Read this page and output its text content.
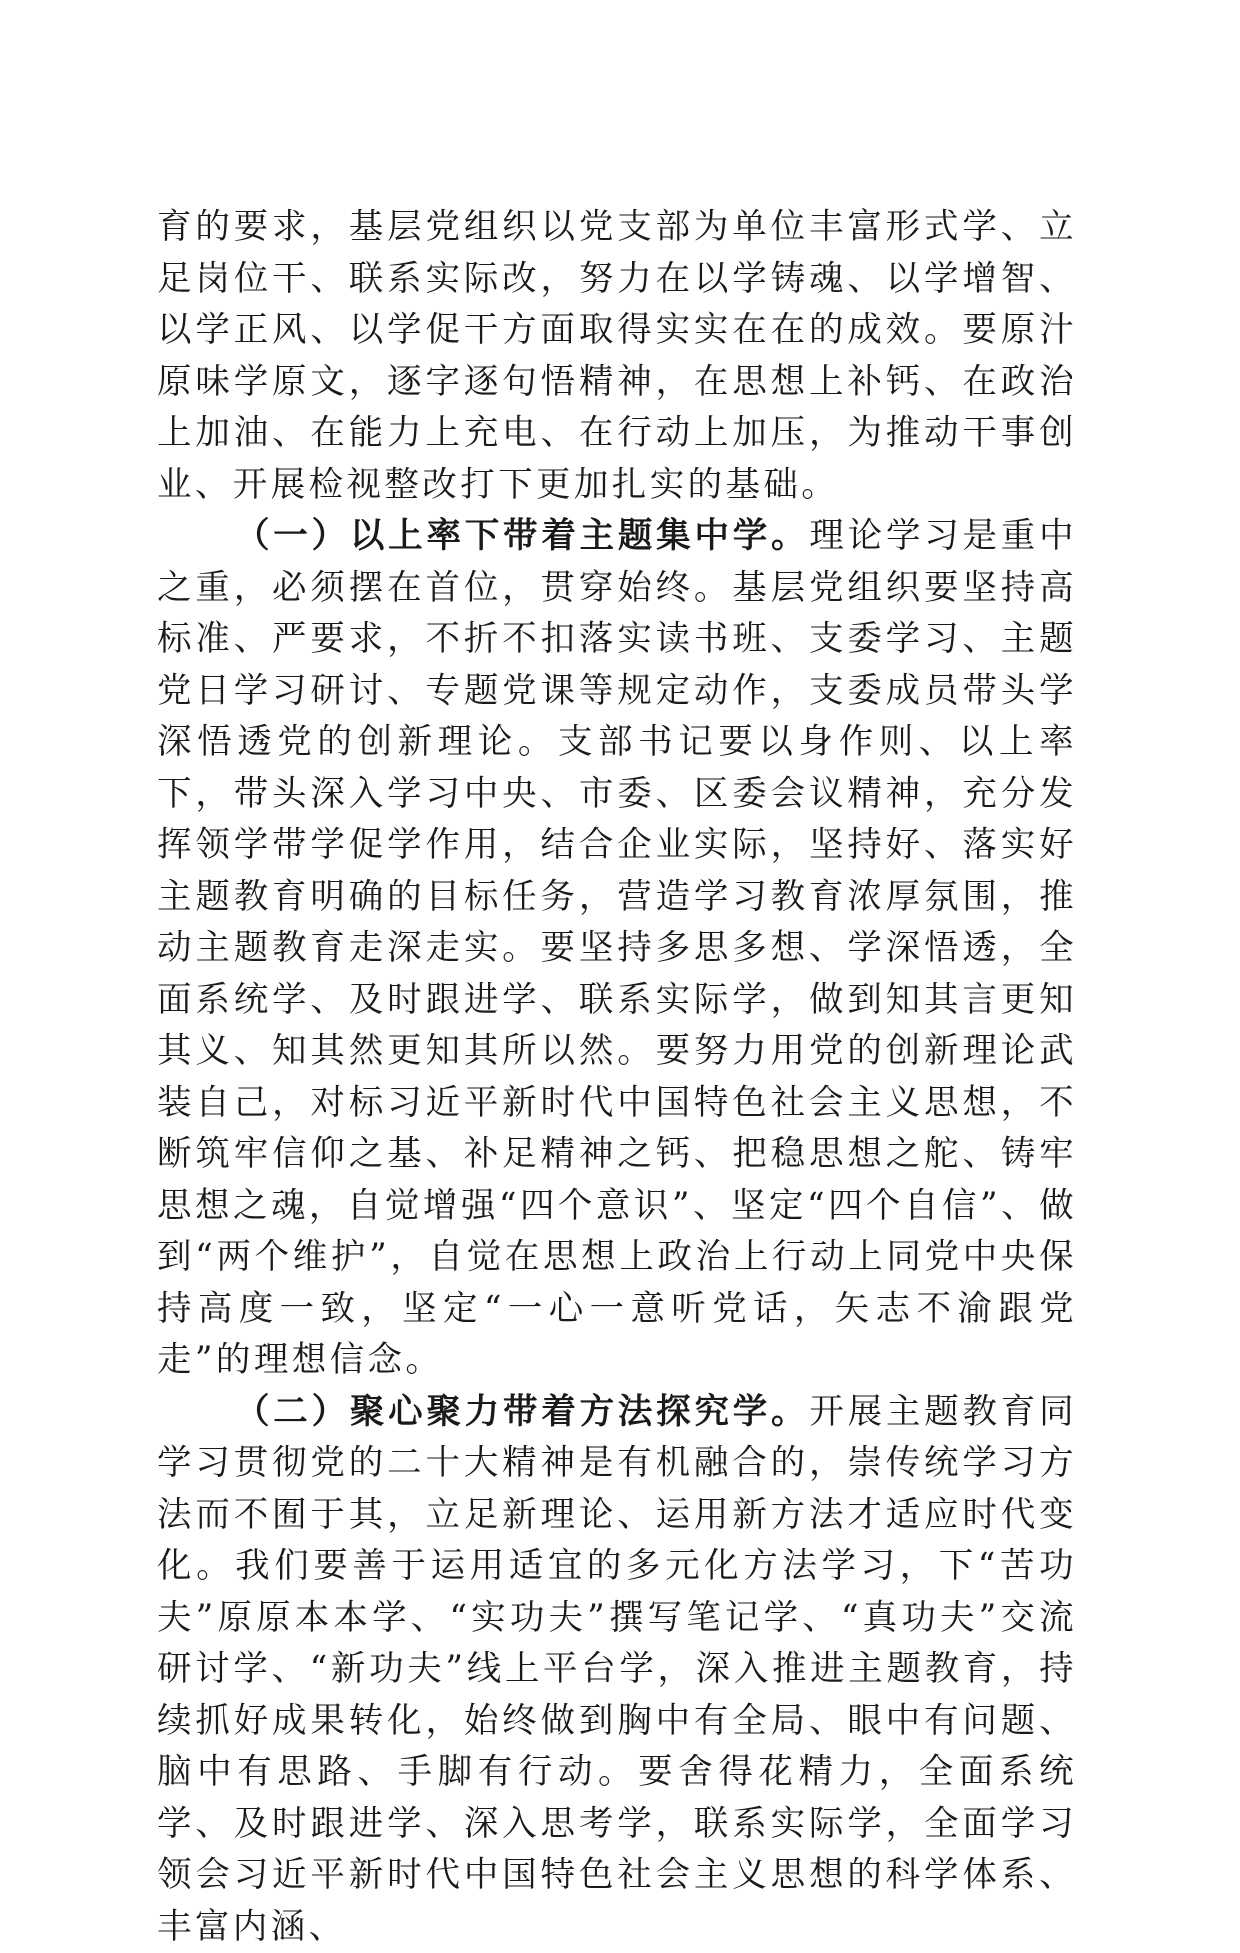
育的要求，基层党组织以党支部为单位丰富形式学、立足岗位干、联系实际改，努力在以学铸魂、以学增智、以学正风、以学促干方面取得实实在在的成效。要原汁原味学原文，逐字逐句悟精神，在思想上补钙、在政治上加油、在能力上充电、在行动上加压，为推动干事创业、开展检视整改打下更加扎实的基础。

（一）以上率下带着主题集中学。理论学习是重中之重，必须摆在首位，贯穿始终。基层党组织要坚持高标准、严要求，不折不扣落实读书班、支委学习、主题党日学习研讨、专题党课等规定动作，支委成员带头学深悟透党的创新理论。支部书记要以身作则、以上率下，带头深入学习中央、市委、区委会议精神，充分发挥领学带学促学作用，结合企业实际，坚持好、落实好主题教育明确的目标任务，营造学习教育浓厚氛围，推动主题教育走深走实。要坚持多思多想、学深悟透，全面系统学、及时跟进学、联系实际学，做到知其言更知其义、知其然更知其所以然。要努力用党的创新理论武装自己，对标习近平新时代中国特色社会主义思想，不断筑牢信仰之基、补足精神之钙、把稳思想之舵、铸牢思想之魂，自觉增强“四个意识”、坚定“四个自信”、做到“两个维护”，自觉在思想上政治上行动上同党中央保持高度一致，坚定“一心一意听党话，矢志不渝跟党走”的理想信念。

（二）聚心聚力带着方法探究学。开展主题教育同学习贯彻党的二十大精神是有机融合的，崇传统学习方法而不囿于其，立足新理论、运用新方法才适应时代变化。我们要善于运用适宜的多元化方法学习，下“苦功夫”原原本本学、“实功夫”撰写笔记学、“真功夫”交流研讨学、“新功夫”线上平台学，深入推进主题教育，持续抓好成果转化，始终做到胸中有全局、眼中有问题、脑中有思路、手脚有行动。要舍得花精力，全面系统学、及时跟进学、深入思考学，联系实际学，全面学习领会习近平新时代中国特色社会主义思想的科学体系、丰富内涵、
